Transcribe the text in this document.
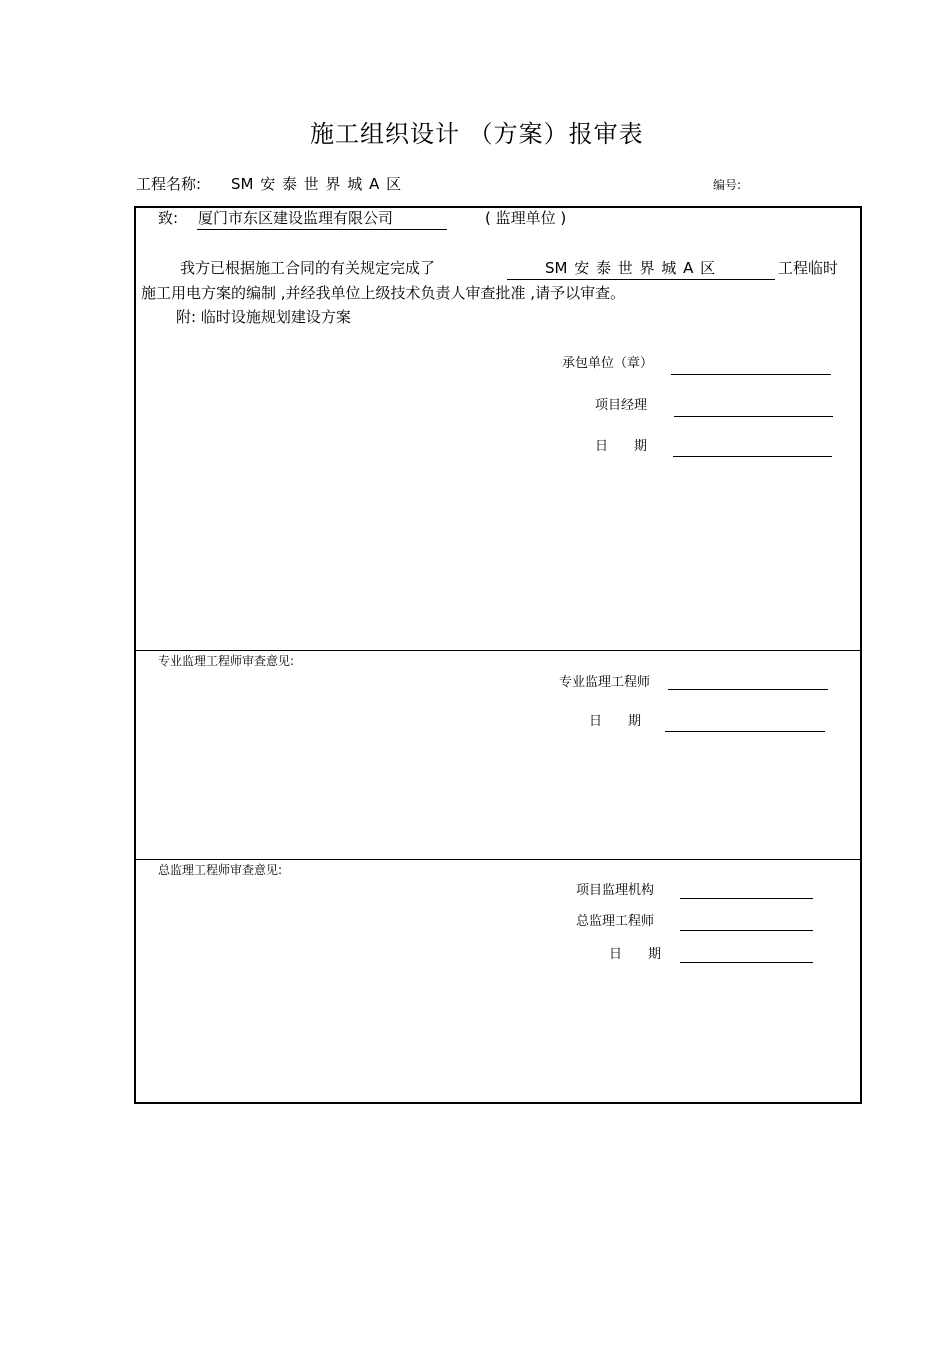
施工组织设计 （方案）报审表
工程名称: SM 安 泰 世 界 城 A 区	编号:
致: 厦门市东区建设监理有限公司	( 监理单位 )
我方已根据施工合同的有关规定完成了	SM 安 泰 世 界 城 A 区	工程临时
施工用电方案的编制 ,并经我单位上级技术负责人审查批准 ,请予以审查。
附: 临时设施规划建设方案
承包单位（章）
项目经理
日　　期
专业监理工程师审查意见:
专业监理工程师
日　　期
总监理工程师审查意见:
项目监理机构
总监理工程师
日　　期
